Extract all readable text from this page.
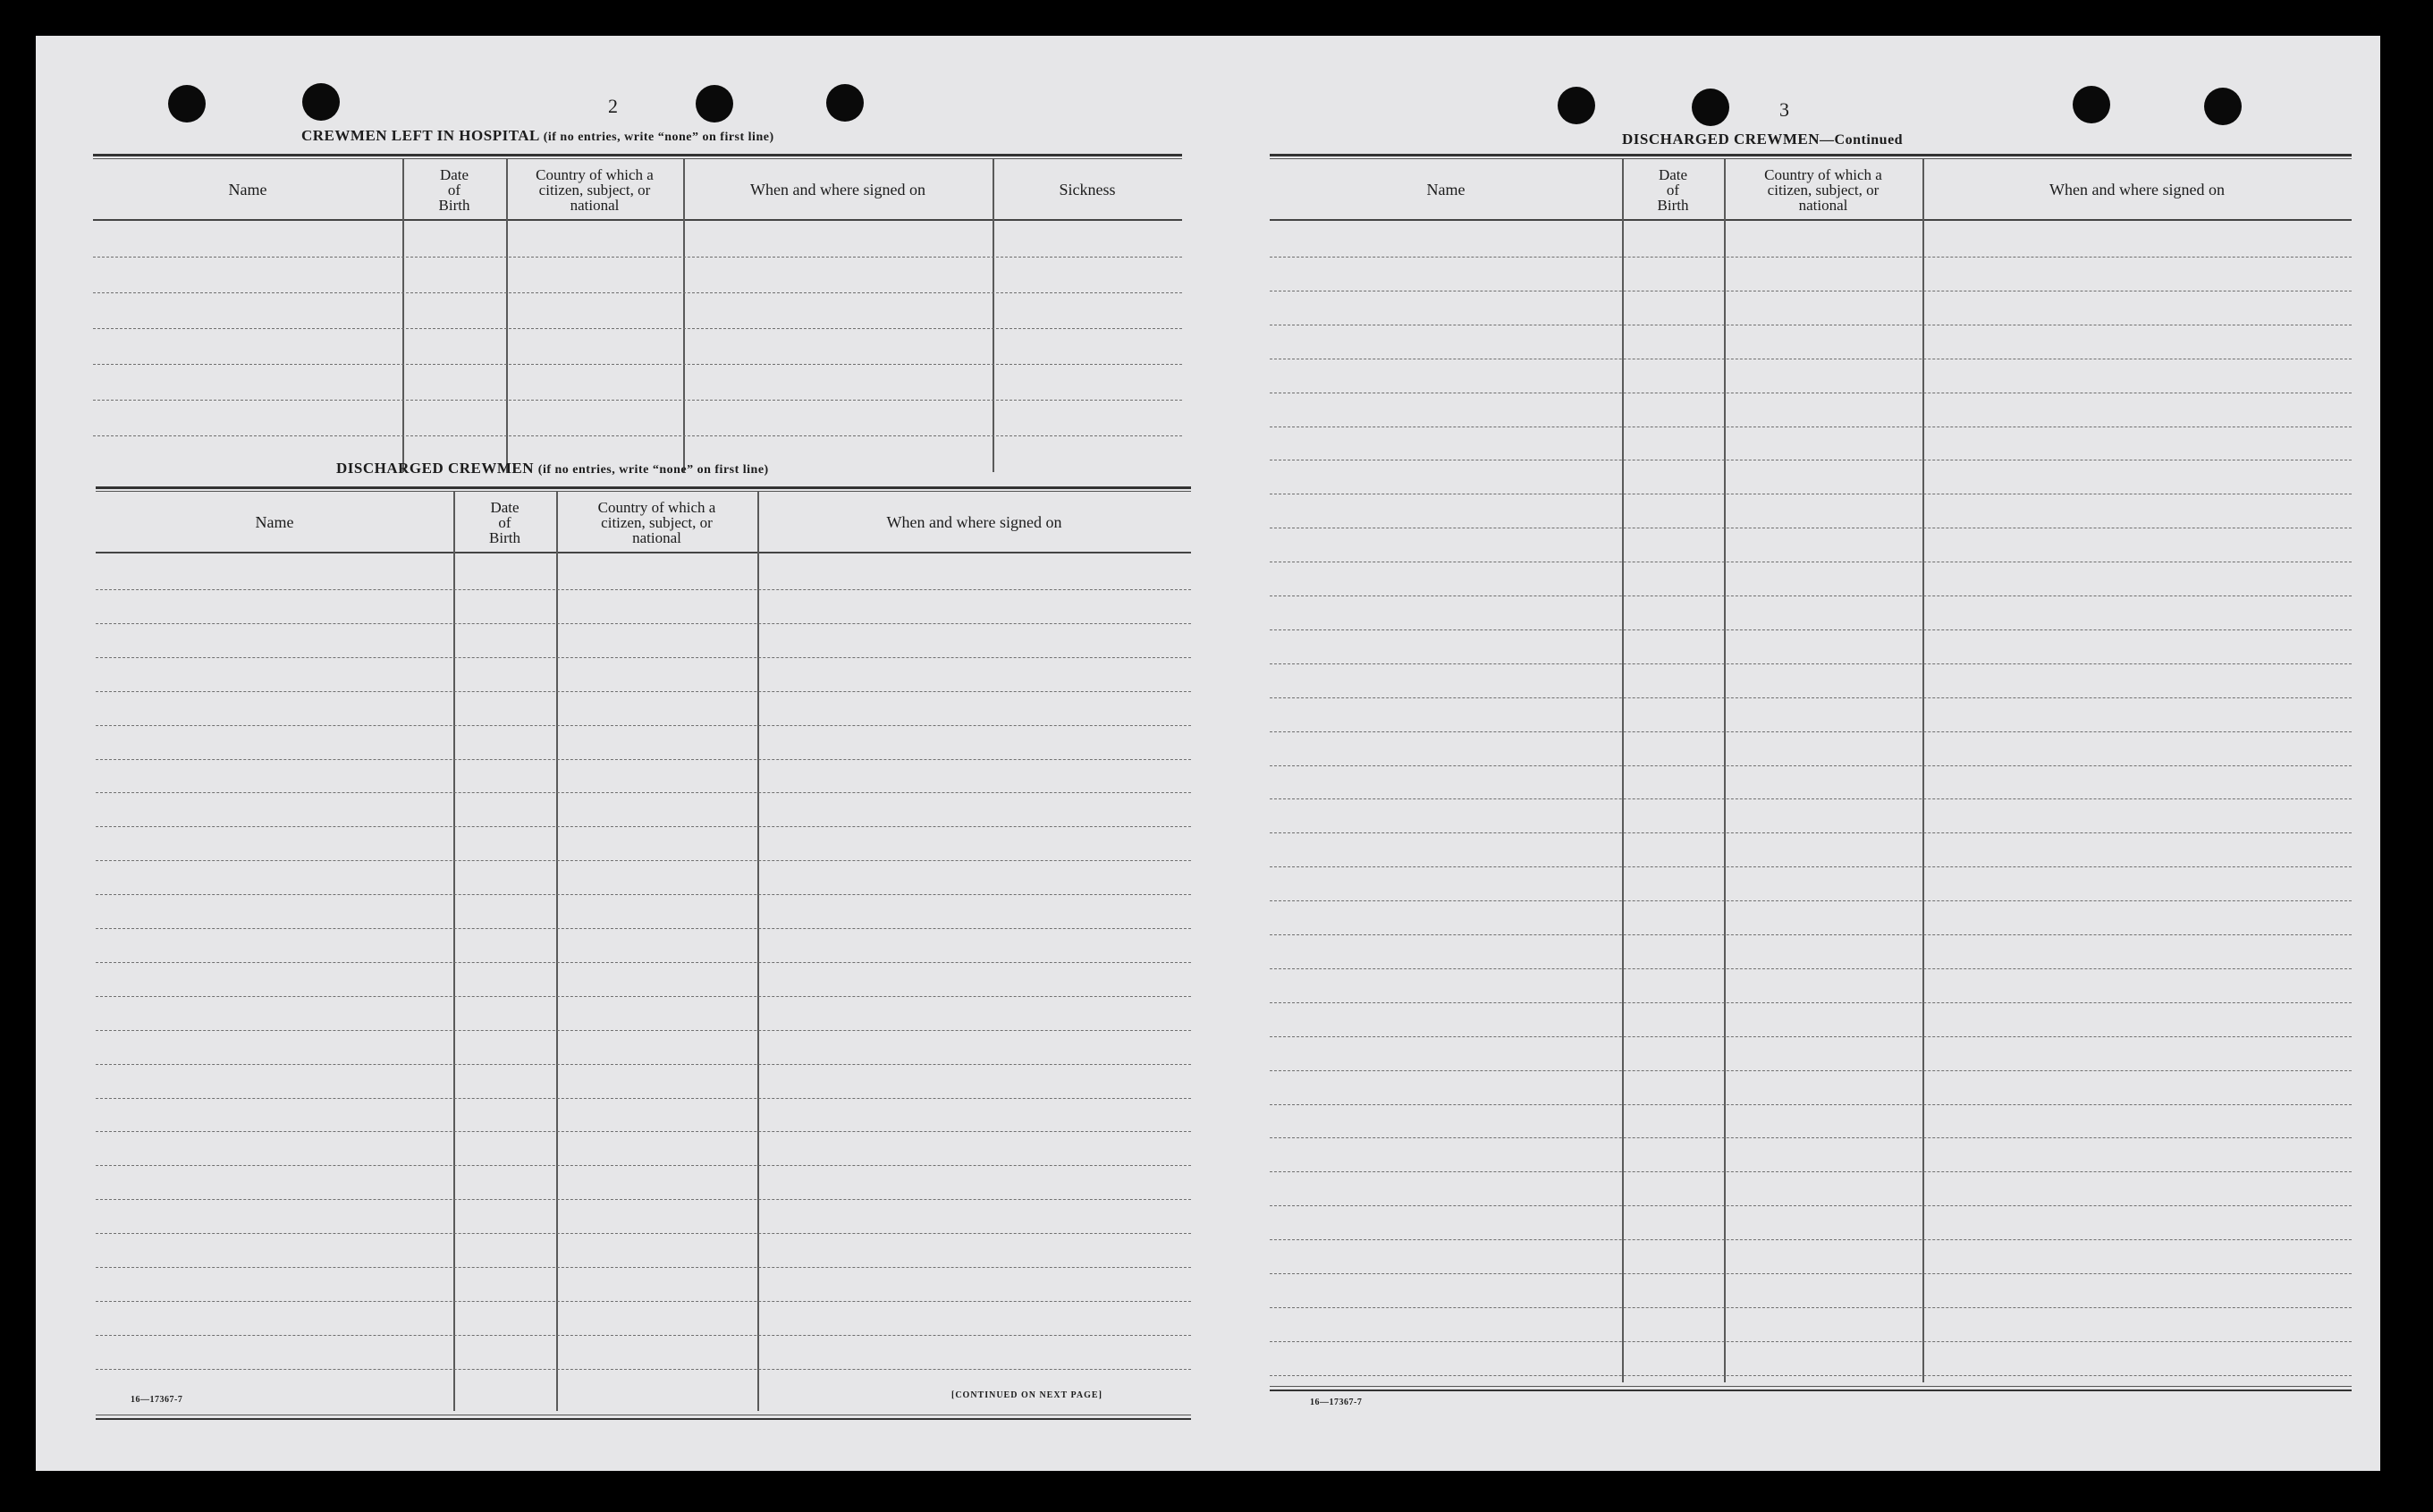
2
CREWMEN LEFT IN HOSPITAL (if no entries, write “none” on first line)
Name
Date
of
Birth
Country of which a
citizen, subject, or
national
When and where signed on	Sickness
DISCHARGED CREWMEN (if no entries, write “none” on first line)
Name
Date
of
Birth
Country of which a
citizen, subject, or
national
When and where signed on
16—17367-7	[CONTINUED ON NEXT PAGE]
3
DISCHARGED CREWMEN—Continued
Name
Date
of
Birth
Country of which a
citizen, subject, or
national
When and where signed on
16—17367-7
